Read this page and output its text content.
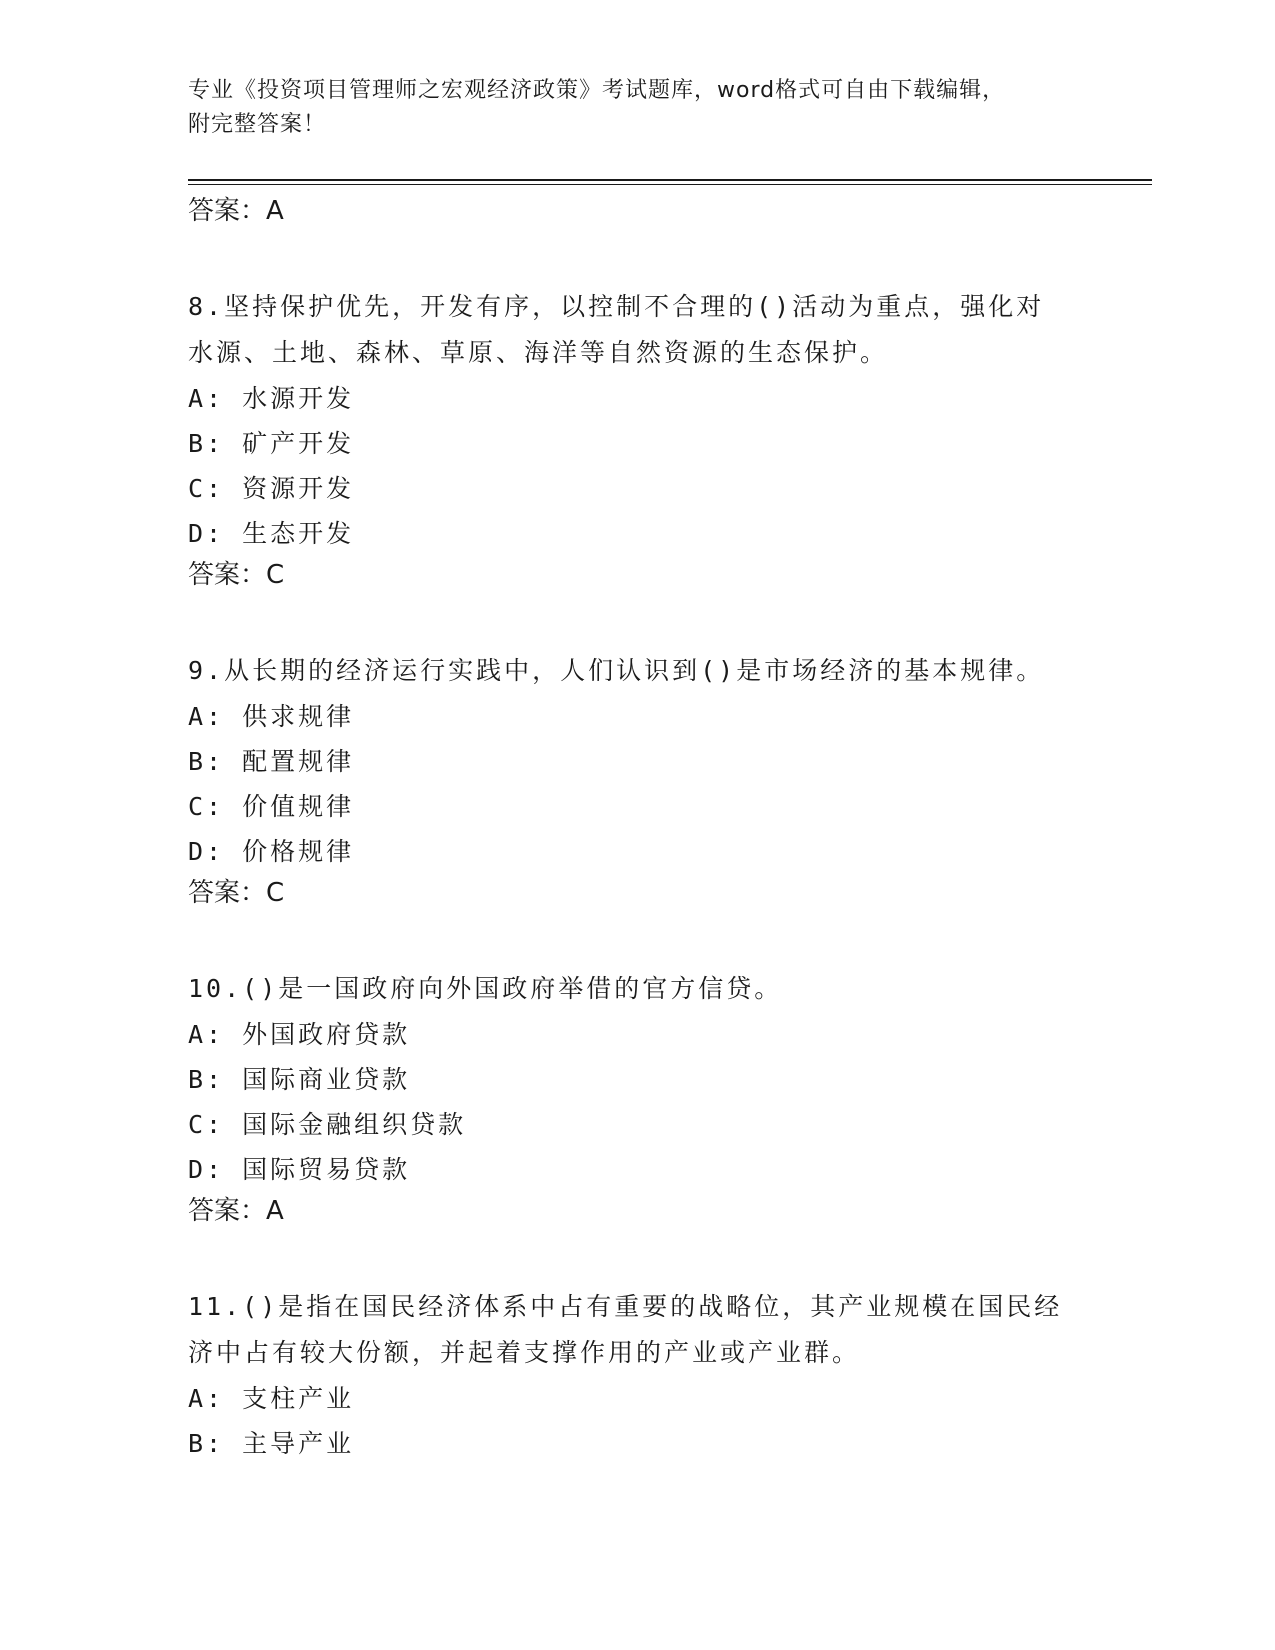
专业《投资项目管理师之宏观经济政策》考试题库，word格式可自由下载编辑，
附完整答案！
答案：A
8.坚持保护优先，开发有序，以控制不合理的()活动为重点，强化对
水源、土地、森林、草原、海洋等自然资源的生态保护。
A: 水源开发
B: 矿产开发
C: 资源开发
D: 生态开发
答案：C
9.从长期的经济运行实践中，人们认识到()是市场经济的基本规律。
A: 供求规律
B: 配置规律
C: 价值规律
D: 价格规律
答案：C
10.()是一国政府向外国政府举借的官方信贷。
A: 外国政府贷款
B: 国际商业贷款
C: 国际金融组织贷款
D: 国际贸易贷款
答案：A
11.()是指在国民经济体系中占有重要的战略位，其产业规模在国民经
济中占有较大份额，并起着支撑作用的产业或产业群。
A: 支柱产业
B: 主导产业
